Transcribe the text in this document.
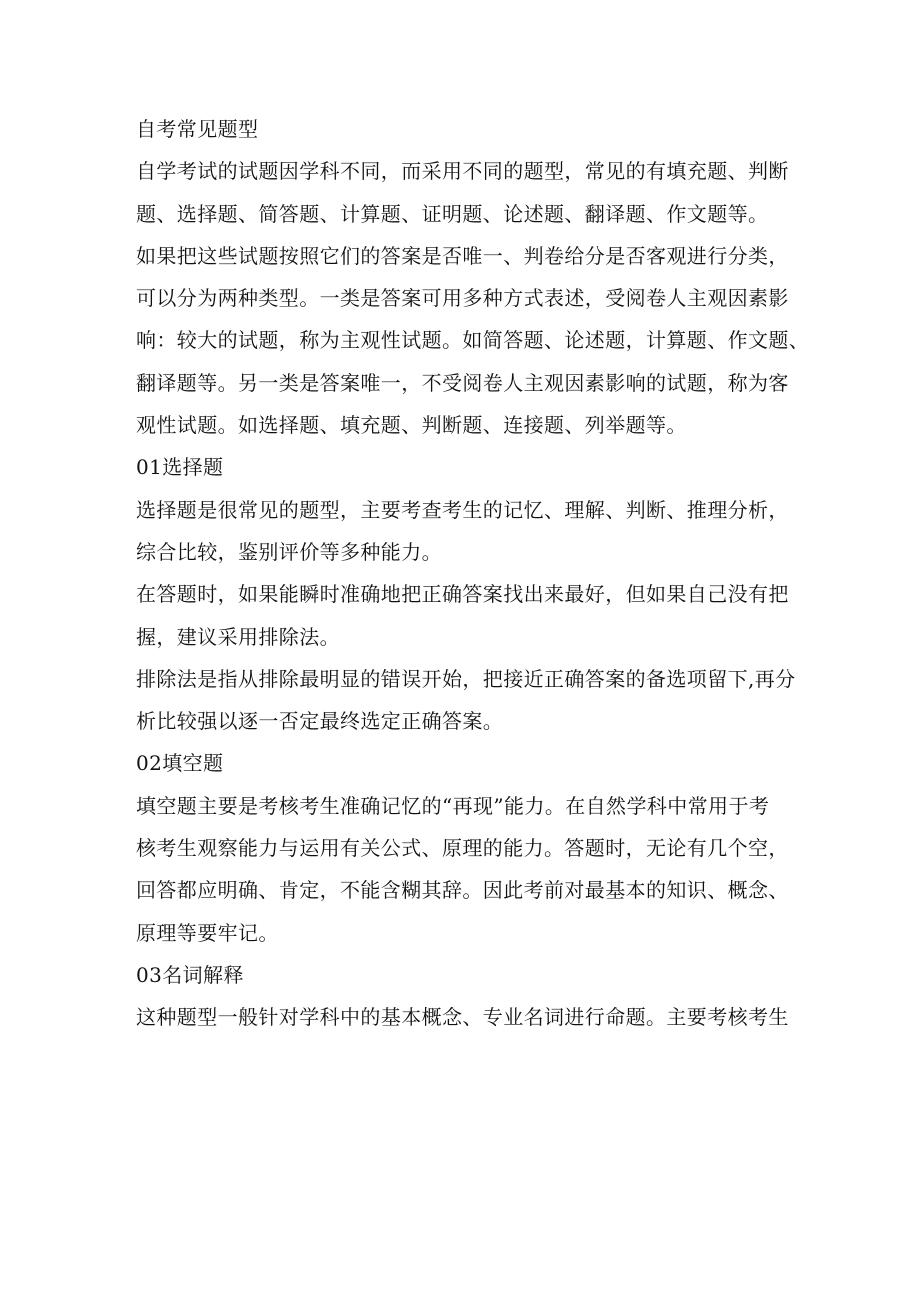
自考常见题型
自学考试的试题因学科不同，而采用不同的题型，常见的有填充题、判断
题、选择题、简答题、计算题、证明题、论述题、翻译题、作文题等。
如果把这些试题按照它们的答案是否唯一、判卷给分是否客观进行分类，
可以分为两种类型。一类是答案可用多种方式表述，受阅卷人主观因素影
响：较大的试题，称为主观性试题。如简答题、论述题，计算题、作文题、
翻译题等。另一类是答案唯一，不受阅卷人主观因素影响的试题，称为客
观性试题。如选择题、填充题、判断题、连接题、列举题等。
01选择题
选择题是很常见的题型，主要考查考生的记忆、理解、判断、推理分析，
综合比较，鉴别评价等多种能力。
在答题时，如果能瞬时准确地把正确答案找出来最好，但如果自己没有把
握，建议采用排除法。
排除法是指从排除最明显的错误开始，把接近正确答案的备选项留下,再分
析比较强以逐一否定最终选定正确答案。
02填空题
填空题主要是考核考生准确记忆的“再现”能力。在自然学科中常用于考
核考生观察能力与运用有关公式、原理的能力。答题时，无论有几个空，
回答都应明确、肯定，不能含糊其辞。因此考前对最基本的知识、概念、
原理等要牢记。
03名词解释
这种题型一般针对学科中的基本概念、专业名词进行命题。主要考核考生
